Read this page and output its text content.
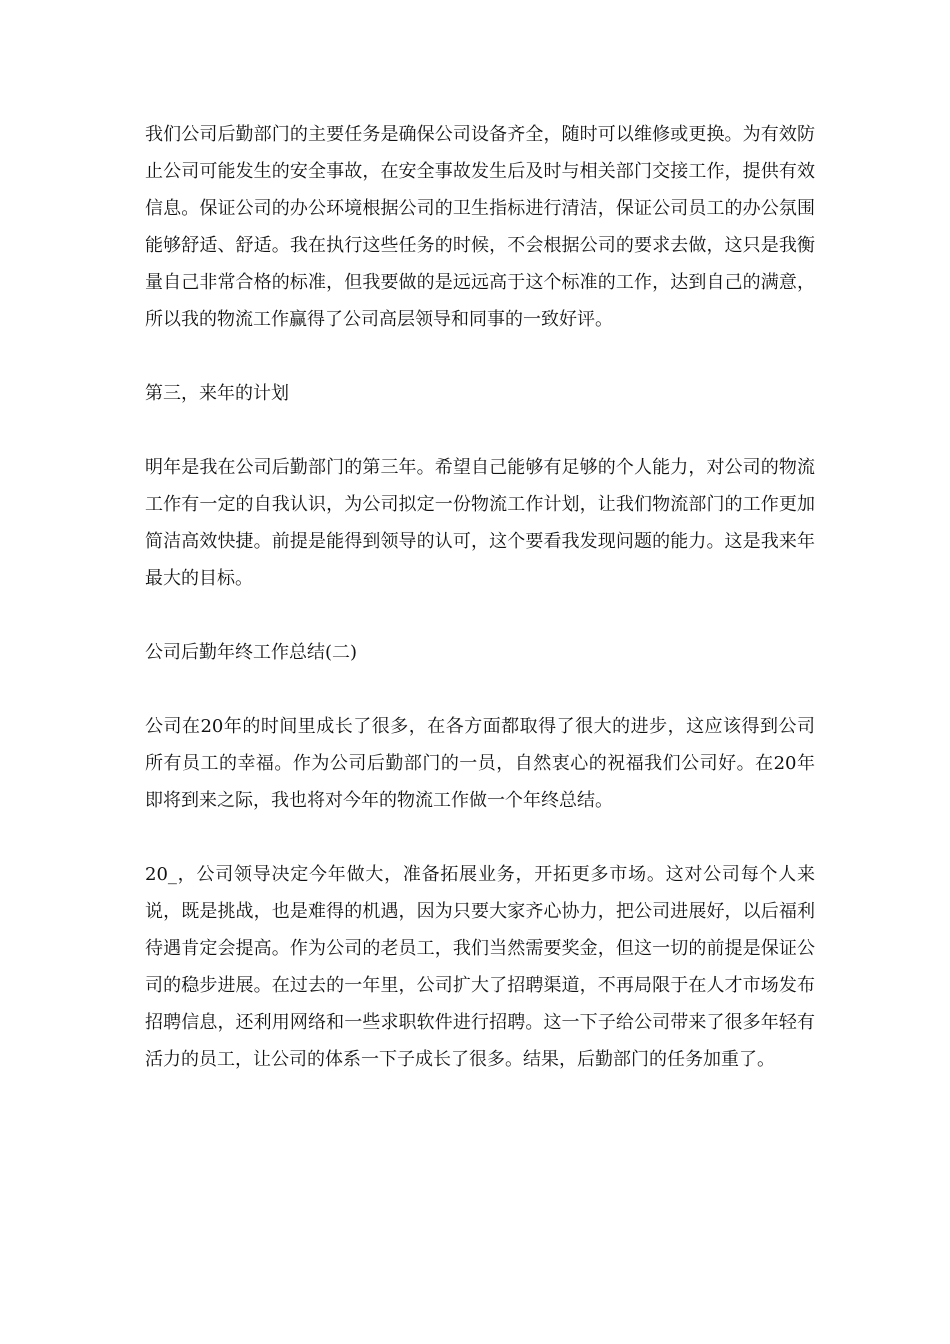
我们公司后勤部门的主要任务是确保公司设备齐全，随时可以维修或更换。为有效防止公司可能发生的安全事故，在安全事故发生后及时与相关部门交接工作，提供有效信息。保证公司的办公环境根据公司的卫生指标进行清洁，保证公司员工的办公氛围能够舒适、舒适。我在执行这些任务的时候，不会根据公司的要求去做，这只是我衡量自己非常合格的标准，但我要做的是远远高于这个标准的工作，达到自己的满意，所以我的物流工作赢得了公司高层领导和同事的一致好评。

第三，来年的计划

明年是我在公司后勤部门的第三年。希望自己能够有足够的个人能力，对公司的物流工作有一定的自我认识，为公司拟定一份物流工作计划，让我们物流部门的工作更加简洁高效快捷。前提是能得到领导的认可，这个要看我发现问题的能力。这是我来年最大的目标。

公司后勤年终工作总结(二)

公司在20年的时间里成长了很多，在各方面都取得了很大的进步，这应该得到公司所有员工的幸福。作为公司后勤部门的一员，自然衷心的祝福我们公司好。在20年即将到来之际，我也将对今年的物流工作做一个年终总结。

20_，公司领导决定今年做大，准备拓展业务，开拓更多市场。这对公司每个人来说，既是挑战，也是难得的机遇，因为只要大家齐心协力，把公司进展好，以后福利待遇肯定会提高。作为公司的老员工，我们当然需要奖金，但这一切的前提是保证公司的稳步进展。在过去的一年里，公司扩大了招聘渠道，不再局限于在人才市场发布招聘信息，还利用网络和一些求职软件进行招聘。这一下子给公司带来了很多年轻有活力的员工，让公司的体系一下子成长了很多。结果，后勤部门的任务加重了。
